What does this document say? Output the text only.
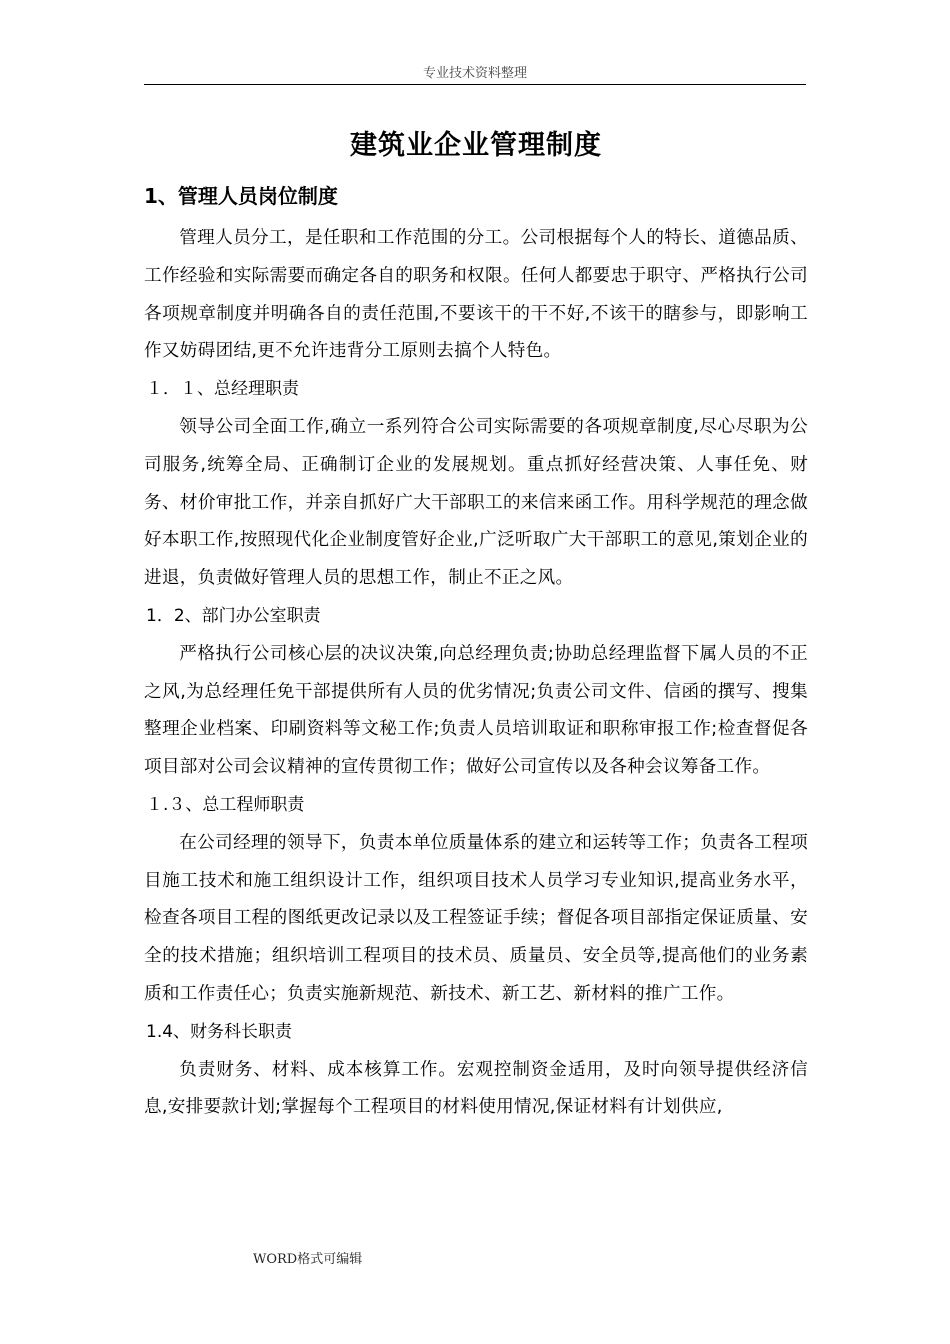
专业技术资料整理
建筑业企业管理制度
1、管理人员岗位制度

管理人员分工，是任职和工作范围的分工。公司根据每个人的特长、道德品质、工作经验和实际需要而确定各自的职务和权限。任何人都要忠于职守、严格执行公司各项规章制度并明确各自的责任范围,不要该干的干不好,不该干的瞎参与，即影响工作又妨碍团结,更不允许违背分工原则去搞个人特色。

１．１、总经理职责

领导公司全面工作,确立一系列符合公司实际需要的各项规章制度,尽心尽职为公司服务,统筹全局、正确制订企业的发展规划。重点抓好经营决策、人事任免、财务、材价审批工作，并亲自抓好广大干部职工的来信来函工作。用科学规范的理念做好本职工作,按照现代化企业制度管好企业,广泛听取广大干部职工的意见,策划企业的进退，负责做好管理人员的思想工作，制止不正之风。

1．2、部门办公室职责

严格执行公司核心层的决议决策,向总经理负责;协助总经理监督下属人员的不正之风,为总经理任免干部提供所有人员的优劣情况;负责公司文件、信函的撰写、搜集整理企业档案、印刷资料等文秘工作;负责人员培训取证和职称审报工作;检查督促各项目部对公司会议精神的宣传贯彻工作；做好公司宣传以及各种会议筹备工作。

１.３、总工程师职责

在公司经理的领导下，负责本单位质量体系的建立和运转等工作；负责各工程项目施工技术和施工组织设计工作，组织项目技术人员学习专业知识,提高业务水平，检查各项目工程的图纸更改记录以及工程签证手续；督促各项目部指定保证质量、安全的技术措施；组织培训工程项目的技术员、质量员、安全员等,提高他们的业务素质和工作责任心；负责实施新规范、新技术、新工艺、新材料的推广工作。

1.4、财务科长职责

负责财务、材料、成本核算工作。宏观控制资金适用，及时向领导提供经济信息,安排要款计划;掌握每个工程项目的材料使用情况,保证材料有计划供应,

WORD格式可编辑
